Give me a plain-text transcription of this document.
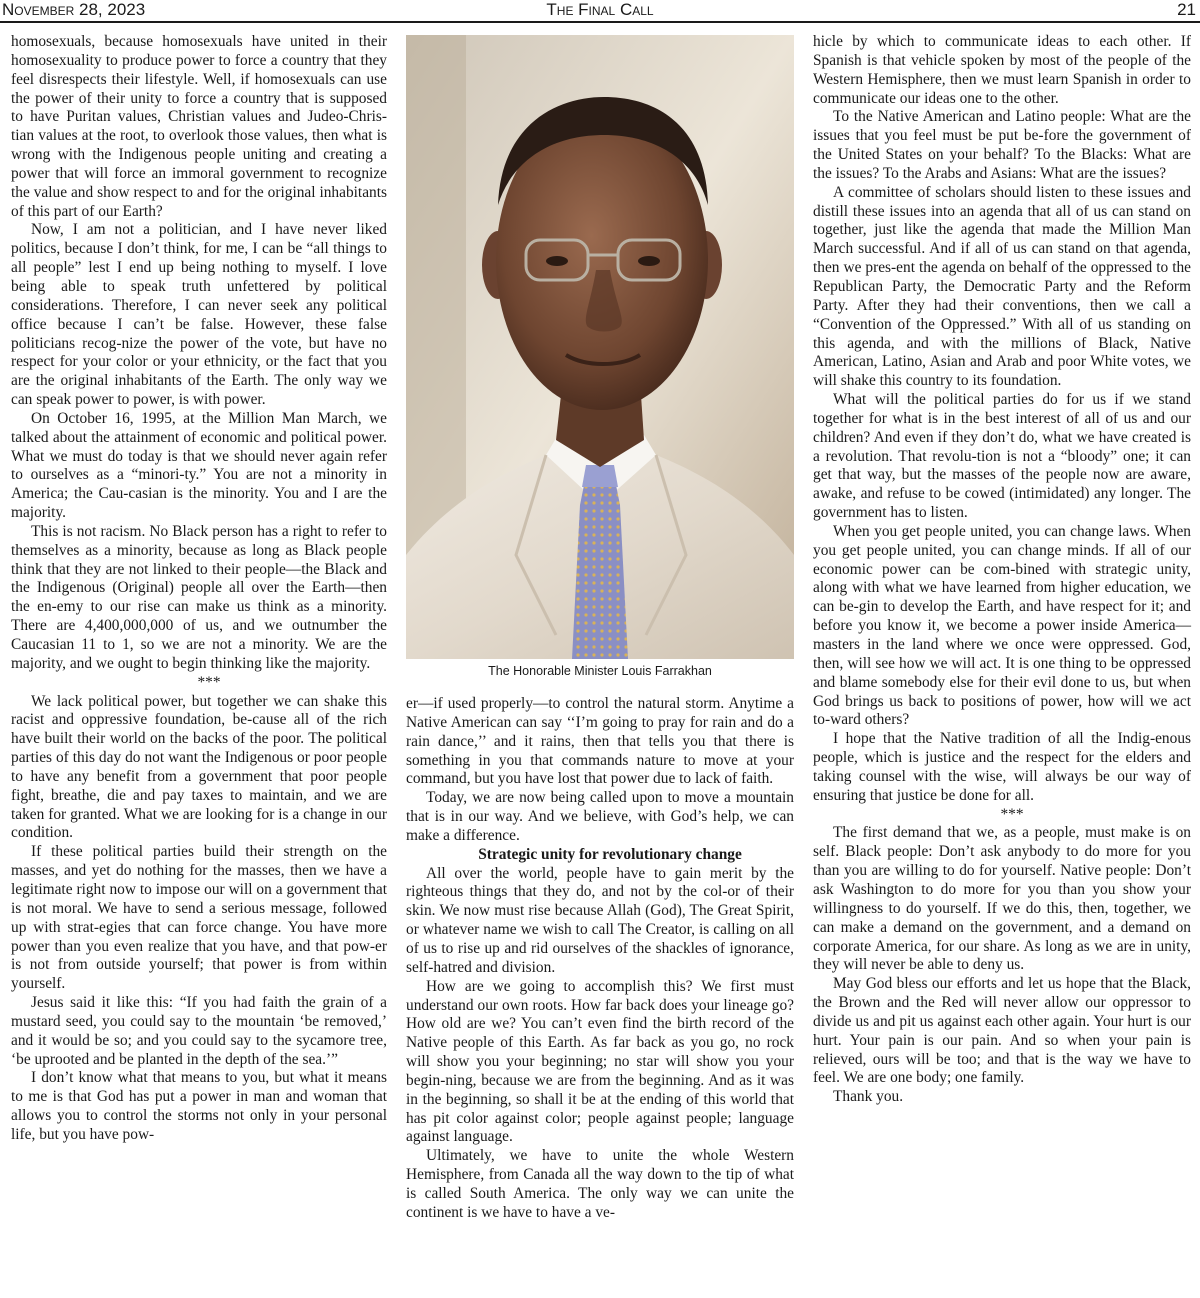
November 28, 2023	The Final Call	21

homosexuals, because homosexuals have united in their homosexuality to produce power to force a country that they feel disrespects their lifestyle. Well, if homosexuals can use the power of their unity to force a country that is supposed to have Puritan values, Christian values and Judeo-Chris-tian values at the root, to overlook those values, then what is wrong with the Indigenous people uniting and creating a power that will force an immoral government to recognize the value and show respect to and for the original inhabitants of this part of our Earth?

Now, I am not a politician, and I have never liked politics, because I don’t think, for me, I can be “all things to all people” lest I end up being nothing to myself. I love being able to speak truth unfettered by political considerations. Therefore, I can never seek any political office because I can’t be false. However, these false politicians recog-nize the power of the vote, but have no respect for your color or your ethnicity, or the fact that you are the original inhabitants of the Earth. The only way we can speak power to power, is with power.

On October 16, 1995, at the Million Man March, we talked about the attainment of economic and political power. What we must do today is that we should never again refer to ourselves as a “minori-ty.” You are not a minority in America; the Cau-casian is the minority. You and I are the majority.

This is not racism. No Black person has a right to refer to themselves as a minority, because as long as Black people think that they are not linked to their people—the Black and the Indigenous (Original) people all over the Earth—then the en-emy to our rise can make us think as a minority. There are 4,400,000,000 of us, and we outnumber the Caucasian 11 to 1, so we are not a minority. We are the majority, and we ought to begin thinking like the majority.

***

We lack political power, but together we can shake this racist and oppressive foundation, be-cause all of the rich have built their world on the backs of the poor. The political parties of this day do not want the Indigenous or poor people to have any benefit from a government that poor people fight, breathe, die and pay taxes to maintain, and we are taken for granted. What we are looking for is a change in our condition.

If these political parties build their strength on the masses, and yet do nothing for the masses, then we have a legitimate right now to impose our will on a government that is not moral. We have to send a serious message, followed up with strat-egies that can force change. You have more power than you even realize that you have, and that pow-er is not from outside yourself; that power is from within yourself.

Jesus said it like this: “If you had faith the grain of a mustard seed, you could say to the mountain ‘be removed,’ and it would be so; and you could say to the sycamore tree, ‘be uprooted and be planted in the depth of the sea.’”

I don’t know what that means to you, but what it means to me is that God has put a power in man and woman that allows you to control the storms not only in your personal life, but you have pow-

The Honorable Minister Louis Farrakhan

er—if used properly—to control the natural storm. Anytime a Native American can say ‘‘I’m going to pray for rain and do a rain dance,’’ and it rains, then that tells you that there is something in you that commands nature to move at your command, but you have lost that power due to lack of faith.

Today, we are now being called upon to move a mountain that is in our way. And we believe, with God’s help, we can make a difference.

Strategic unity for revolutionary change

All over the world, people have to gain merit by the righteous things that they do, and not by the col-or of their skin. We now must rise because Allah (God), The Great Spirit, or whatever name we wish to call The Creator, is calling on all of us to rise up and rid ourselves of the shackles of ignorance, self-hatred and division.

How are we going to accomplish this? We first must understand our own roots. How far back does your lineage go? How old are we? You can’t even find the birth record of the Native people of this Earth. As far back as you go, no rock will show you your beginning; no star will show you your begin-ning, because we are from the beginning. And as it was in the beginning, so shall it be at the ending of this world that has pit color against color; people against people; language against language.

Ultimately, we have to unite the whole Western Hemisphere, from Canada all the way down to the tip of what is called South America. The only way we can unite the continent is we have to have a ve-

hicle by which to communicate ideas to each other. If Spanish is that vehicle spoken by most of the people of the Western Hemisphere, then we must learn Spanish in order to communicate our ideas one to the other.

To the Native American and Latino people: What are the issues that you feel must be put be-fore the government of the United States on your behalf? To the Blacks: What are the issues? To the Arabs and Asians: What are the issues?

A committee of scholars should listen to these issues and distill these issues into an agenda that all of us can stand on together, just like the agenda that made the Million Man March successful. And if all of us can stand on that agenda, then we pres-ent the agenda on behalf of the oppressed to the Republican Party, the Democratic Party and the Reform Party. After they had their conventions, then we call a “Convention of the Oppressed.” With all of us standing on this agenda, and with the millions of Black, Native American, Latino, Asian and Arab and poor White votes, we will shake this country to its foundation.

What will the political parties do for us if we stand together for what is in the best interest of all of us and our children? And even if they don’t do, what we have created is a revolution. That revolu-tion is not a “bloody” one; it can get that way, but the masses of the people now are aware, awake, and refuse to be cowed (intimidated) any longer. The government has to listen.

When you get people united, you can change laws. When you get people united, you can change minds. If all of our economic power can be com-bined with strategic unity, along with what we have learned from higher education, we can be-gin to develop the Earth, and have respect for it; and before you know it, we become a power inside America—masters in the land where we once were oppressed. God, then, will see how we will act. It is one thing to be oppressed and blame somebody else for their evil done to us, but when God brings us back to positions of power, how will we act to-ward others?

I hope that the Native tradition of all the Indig-enous people, which is justice and the respect for the elders and taking counsel with the wise, will always be our way of ensuring that justice be done for all.

***

The first demand that we, as a people, must make is on self. Black people: Don’t ask anybody to do more for you than you are willing to do for yourself. Native people: Don’t ask Washington to do more for you than you show your willingness to do yourself. If we do this, then, together, we can make a demand on the government, and a demand on corporate America, for our share. As long as we are in unity, they will never be able to deny us.

May God bless our efforts and let us hope that the Black, the Brown and the Red will never allow our oppressor to divide us and pit us against each other again. Your hurt is our hurt. Your pain is our pain. And so when your pain is relieved, ours will be too; and that is the way we have to feel. We are one body; one family.

Thank you.
